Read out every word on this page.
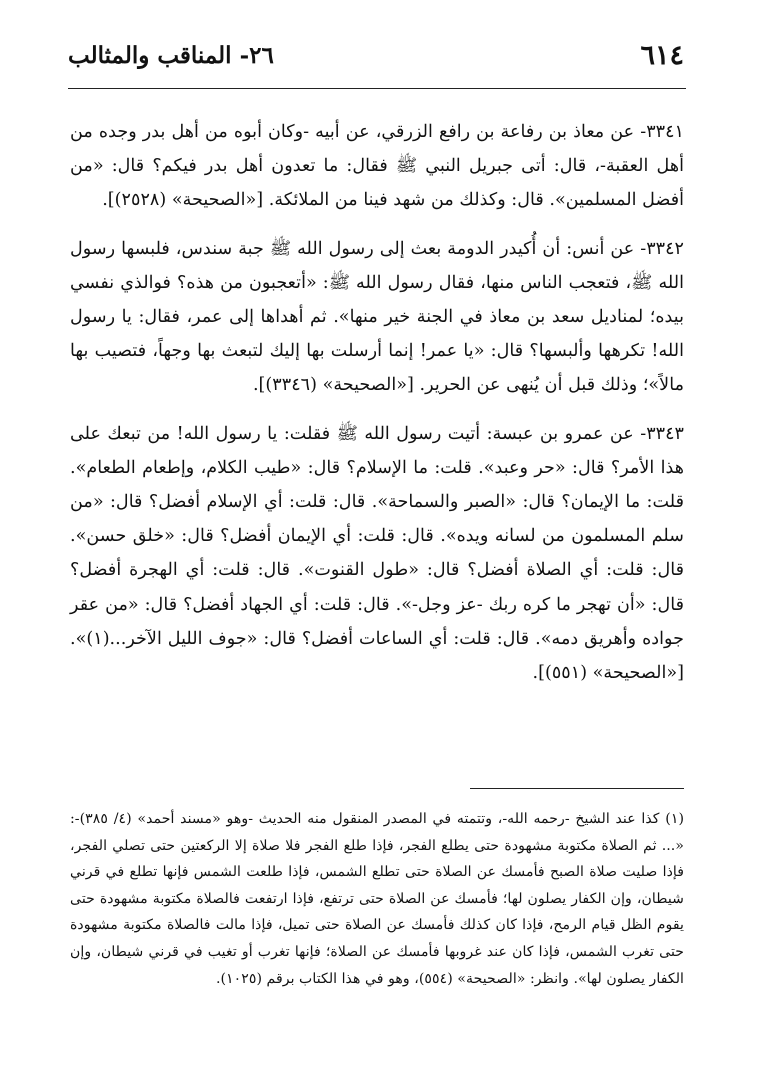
٦١٤
٢٦- المناقب والمثالب

٣٣٤١- عن معاذ بن رفاعة بن رافع الزرقي، عن أبيه -وكان أبوه من أهل بدر وجده من أهل العقبة-، قال: أتى جبريل النبي ﷺ فقال: ما تعدون أهل بدر فيكم؟ قال: «من أفضل المسلمين». قال: وكذلك من شهد فينا من الملائكة. [«الصحيحة» (٢٥٢٨)].

٣٣٤٢- عن أنس: أن أُكيدر الدومة بعث إلى رسول الله ﷺ جبة سندس، فلبسها رسول الله ﷺ، فتعجب الناس منها، فقال رسول الله ﷺ: «أتعجبون من هذه؟ فوالذي نفسي بيده؛ لمناديل سعد بن معاذ في الجنة خير منها». ثم أهداها إلى عمر، فقال: يا رسول الله! تكرهها وألبسها؟ قال: «يا عمر! إنما أرسلت بها إليك لتبعث بها وجهاً، فتصيب بها مالاً»؛ وذلك قبل أن يُنهى عن الحرير. [«الصحيحة» (٣٣٤٦)].

٣٣٤٣- عن عمرو بن عبسة: أتيت رسول الله ﷺ فقلت: يا رسول الله! من تبعك على هذا الأمر؟ قال: «حر وعبد». قلت: ما الإسلام؟ قال: «طيب الكلام، وإطعام الطعام». قلت: ما الإيمان؟ قال: «الصبر والسماحة». قال: قلت: أي الإسلام أفضل؟ قال: «من سلم المسلمون من لسانه ويده». قال: قلت: أي الإيمان أفضل؟ قال: «خلق حسن». قال: قلت: أي الصلاة أفضل؟ قال: «طول القنوت». قال: قلت: أي الهجرة أفضل؟ قال: «أن تهجر ما كره ربك -عز وجل-». قال: قلت: أي الجهاد أفضل؟ قال: «من عقر جواده وأهريق دمه». قال: قلت: أي الساعات أفضل؟ قال: «جوف الليل الآخر...(١)». [«الصحيحة» (٥٥١)].

(١) كذا عند الشيخ -رحمه الله-، وتتمته في المصدر المنقول منه الحديث -وهو «مسند أحمد» (٤/ ٣٨٥)-: «... ثم الصلاة مكتوبة مشهودة حتى يطلع الفجر، فإذا طلع الفجر فلا صلاة إلا الركعتين حتى تصلي الفجر، فإذا صليت صلاة الصبح فأمسك عن الصلاة حتى تطلع الشمس، فإذا طلعت الشمس فإنها تطلع في قرني شيطان، وإن الكفار يصلون لها؛ فأمسك عن الصلاة حتى ترتفع، فإذا ارتفعت فالصلاة مكتوبة مشهودة حتى يقوم الظل قيام الرمح، فإذا كان كذلك فأمسك عن الصلاة حتى تميل، فإذا مالت فالصلاة مكتوبة مشهودة حتى تغرب الشمس، فإذا كان عند غروبها فأمسك عن الصلاة؛ فإنها تغرب أو تغيب في قرني شيطان، وإن الكفار يصلون لها». وانظر: «الصحيحة» (٥٥٤)، وهو في هذا الكتاب برقم (١٠٢٥).
